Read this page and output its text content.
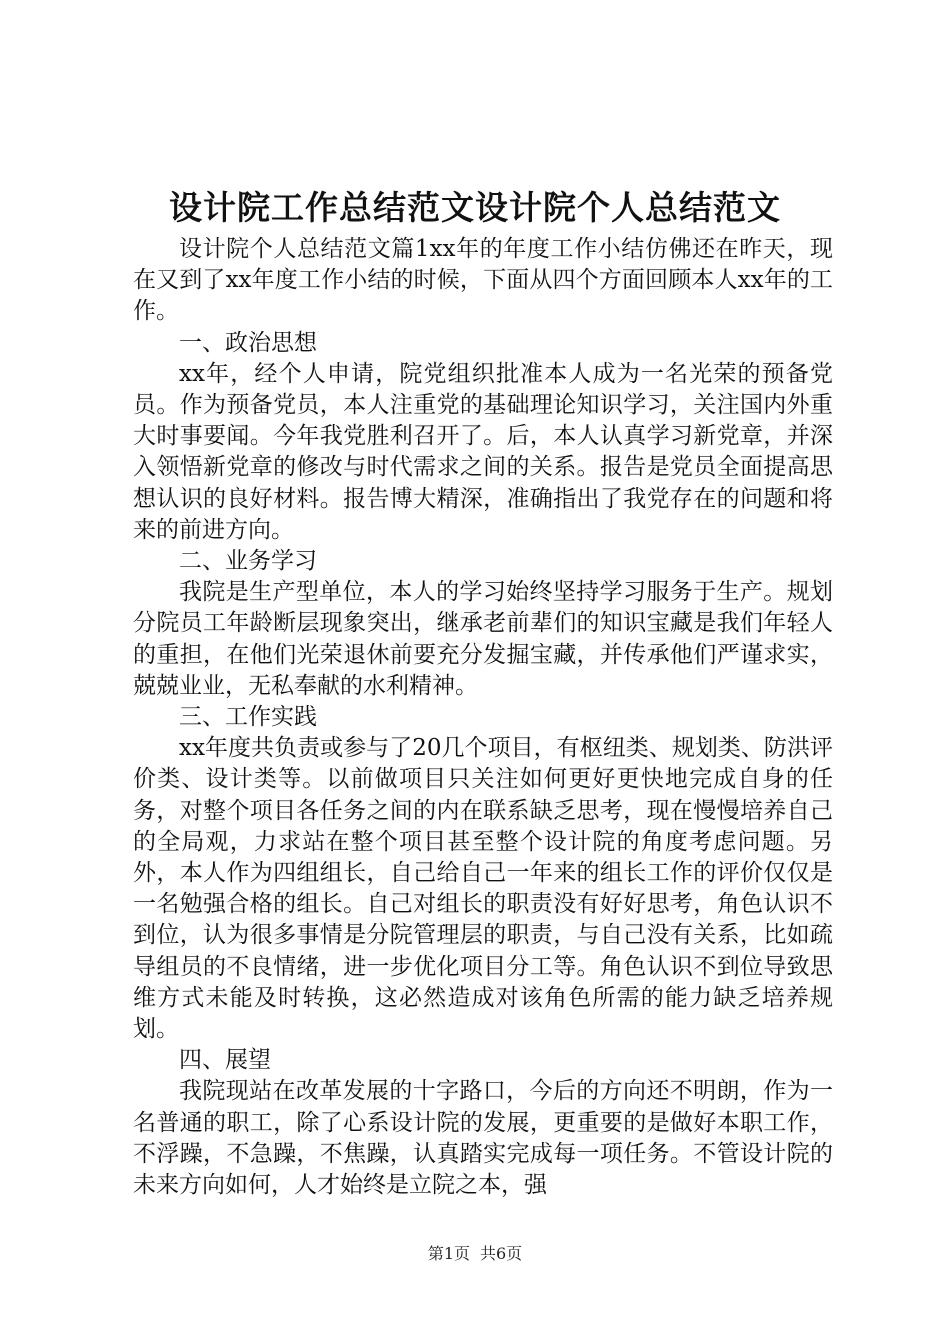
设计院工作总结范文设计院个人总结范文

设计院个人总结范文篇1xx年的年度工作小结仿佛还在昨天，现在又到了xx年度工作小结的时候，下面从四个方面回顾本人xx年的工作。

一、政治思想

xx年，经个人申请，院党组织批准本人成为一名光荣的预备党员。作为预备党员，本人注重党的基础理论知识学习，关注国内外重大时事要闻。今年我党胜利召开了。后，本人认真学习新党章，并深入领悟新党章的修改与时代需求之间的关系。报告是党员全面提高思想认识的良好材料。报告博大精深，准确指出了我党存在的问题和将来的前进方向。

二、业务学习

我院是生产型单位，本人的学习始终坚持学习服务于生产。规划分院员工年龄断层现象突出，继承老前辈们的知识宝藏是我们年轻人的重担，在他们光荣退休前要充分发掘宝藏，并传承他们严谨求实，兢兢业业，无私奉献的水利精神。

三、工作实践

xx年度共负责或参与了20几个项目，有枢纽类、规划类、防洪评价类、设计类等。以前做项目只关注如何更好更快地完成自身的任务，对整个项目各任务之间的内在联系缺乏思考，现在慢慢培养自己的全局观，力求站在整个项目甚至整个设计院的角度考虑问题。另外，本人作为四组组长，自己给自己一年来的组长工作的评价仅仅是一名勉强合格的组长。自己对组长的职责没有好好思考，角色认识不到位，认为很多事情是分院管理层的职责，与自己没有关系，比如疏导组员的不良情绪，进一步优化项目分工等。角色认识不到位导致思维方式未能及时转换，这必然造成对该角色所需的能力缺乏培养规划。

四、展望

我院现站在改革发展的十字路口，今后的方向还不明朗，作为一名普通的职工，除了心系设计院的发展，更重要的是做好本职工作，不浮躁，不急躁，不焦躁，认真踏实完成每一项任务。不管设计院的未来方向如何，人才始终是立院之本，强

第1页 共6页
